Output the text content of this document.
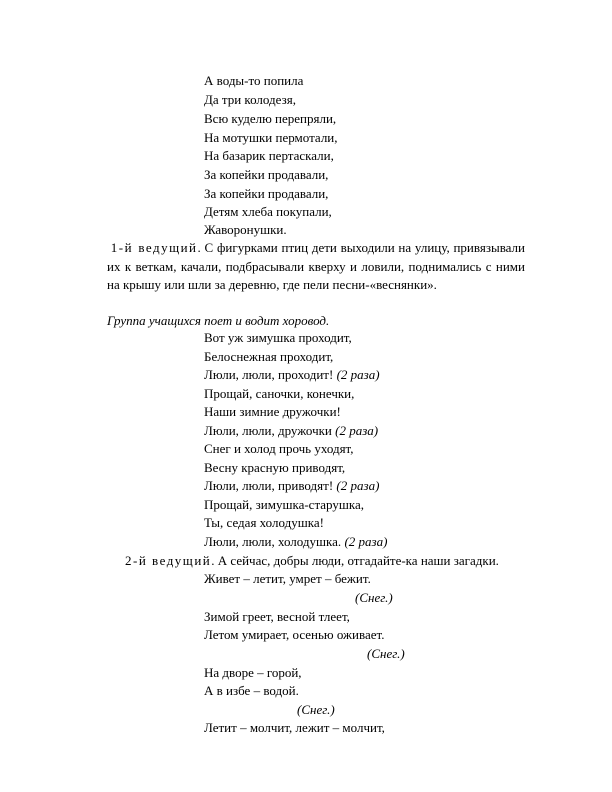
А воды-то попила
Да три колодезя,
Всю куделю перепряли,
На мотушки пермотали,
На базарик пертаскали,
За копейки продавали,
За копейки продавали,
Детям хлеба покупали,
Жаворонушки.
1-й ведущий. С фигурками птиц дети выходили на улицу, привязывали их к веткам, качали, подбрасывали кверху и ловили, поднимались с ними на крышу или шли за деревню, где пели песни-«веснянки».
Группа учащихся поет и водит хоровод.
Вот уж зимушка проходит,
Белоснежная проходит,
Люли, люли, проходит! (2 раза)
Прощай, саночки, конечки,
Наши зимние дружочки!
Люли, люли, дружочки (2 раза)
Снег и холод прочь уходят,
Весну красную приводят,
Люли, люли, приводят! (2 раза)
Прощай, зимушка-старушка,
Ты, седая холодушка!
Люли, люли, холодушка. (2 раза)
2-й ведущий. А сейчас, добры люди, отгадайте-ка наши загадки.
Живет – летит, умрет – бежит.
(Снег.)
Зимой греет, весной тлеет,
Летом умирает, осенью оживает.
(Снег.)
На дворе – горой,
А в избе – водой.
(Снег.)
Летит – молчит, лежит – молчит,
